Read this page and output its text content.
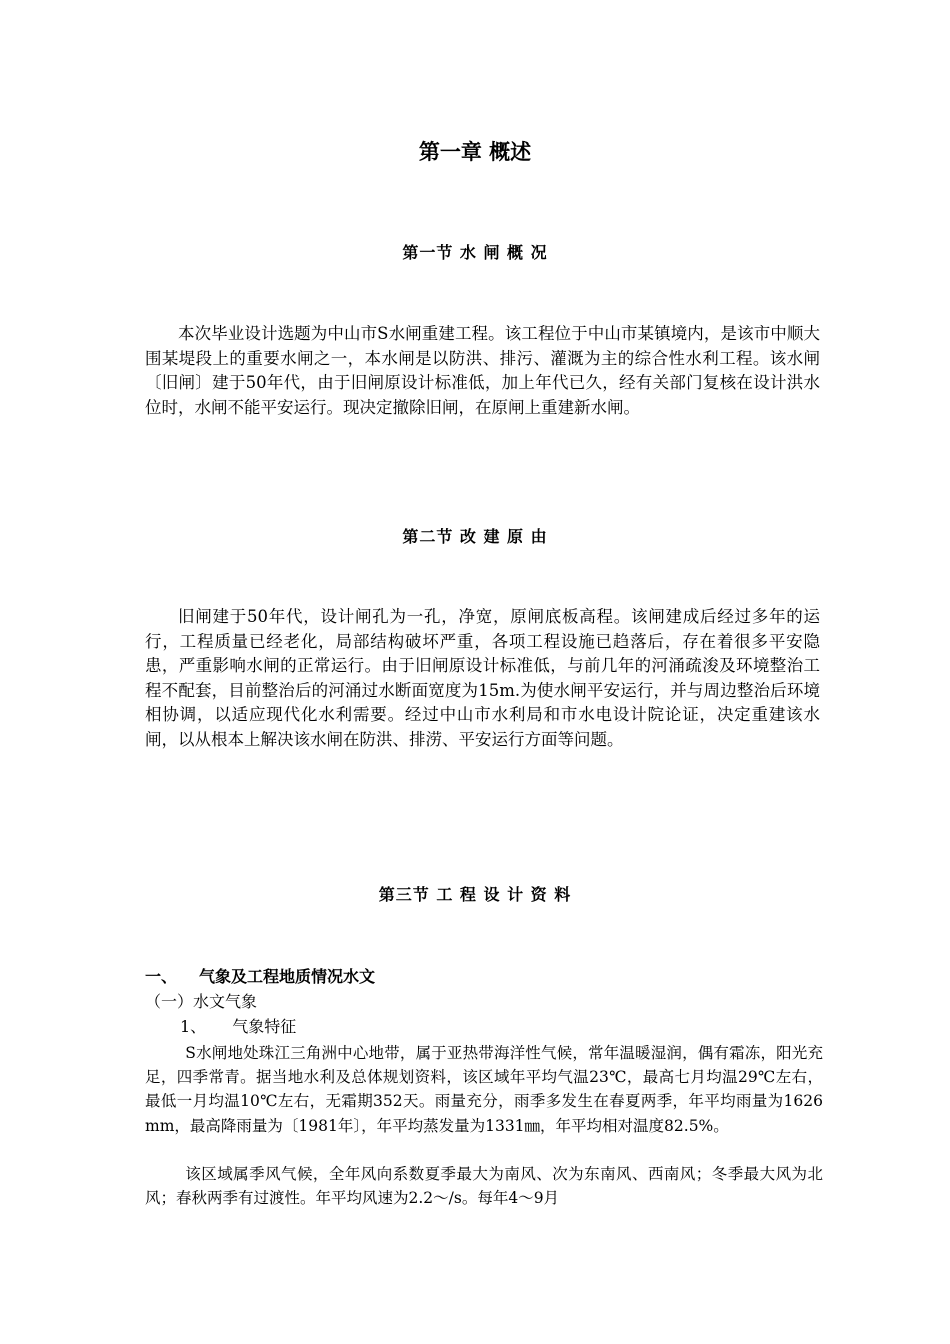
第一章 概述
第一节 水 闸 概 况
本次毕业设计选题为中山市S水闸重建工程。该工程位于中山市某镇境内，是该市中顺大围某堤段上的重要水闸之一，本水闸是以防洪、排污、灌溉为主的综合性水利工程。该水闸〔旧闸〕建于50年代，由于旧闸原设计标准低，加上年代已久，经有关部门复核在设计洪水位时，水闸不能平安运行。现决定撤除旧闸，在原闸上重建新水闸。
第二节 改 建 原 由
旧闸建于50年代，设计闸孔为一孔，净宽，原闸底板高程。该闸建成后经过多年的运行，工程质量已经老化，局部结构破坏严重，各项工程设施已趋落后，存在着很多平安隐患，严重影响水闸的正常运行。由于旧闸原设计标准低，与前几年的河涌疏浚及环境整治工程不配套，目前整治后的河涌过水断面宽度为15m.为使水闸平安运行，并与周边整治后环境相协调，以适应现代化水利需要。经过中山市水利局和市水电设计院论证，决定重建该水闸，以从根本上解决该水闸在防洪、排涝、平安运行方面等问题。
第三节 工 程 设 计 资 料
一、 气象及工程地质情况水文
（一）水文气象
1、 气象特征
S水闸地处珠江三角洲中心地带，属于亚热带海洋性气候，常年温暖湿润，偶有霜冻，阳光充足，四季常青。据当地水利及总体规划资料，该区域年平均气温23℃，最高七月均温29℃左右，最低一月均温10℃左右，无霜期352天。雨量充分，雨季多发生在春夏两季，年平均雨量为1626 mm，最高降雨量为〔1981年〕，年平均蒸发量为1331㎜，年平均相对温度82.5%。
该区域属季风气候，全年风向系数夏季最大为南风、次为东南风、西南风；冬季最大风为北风；春秋两季有过渡性。年平均风速为2.2～/s。每年4～9月
